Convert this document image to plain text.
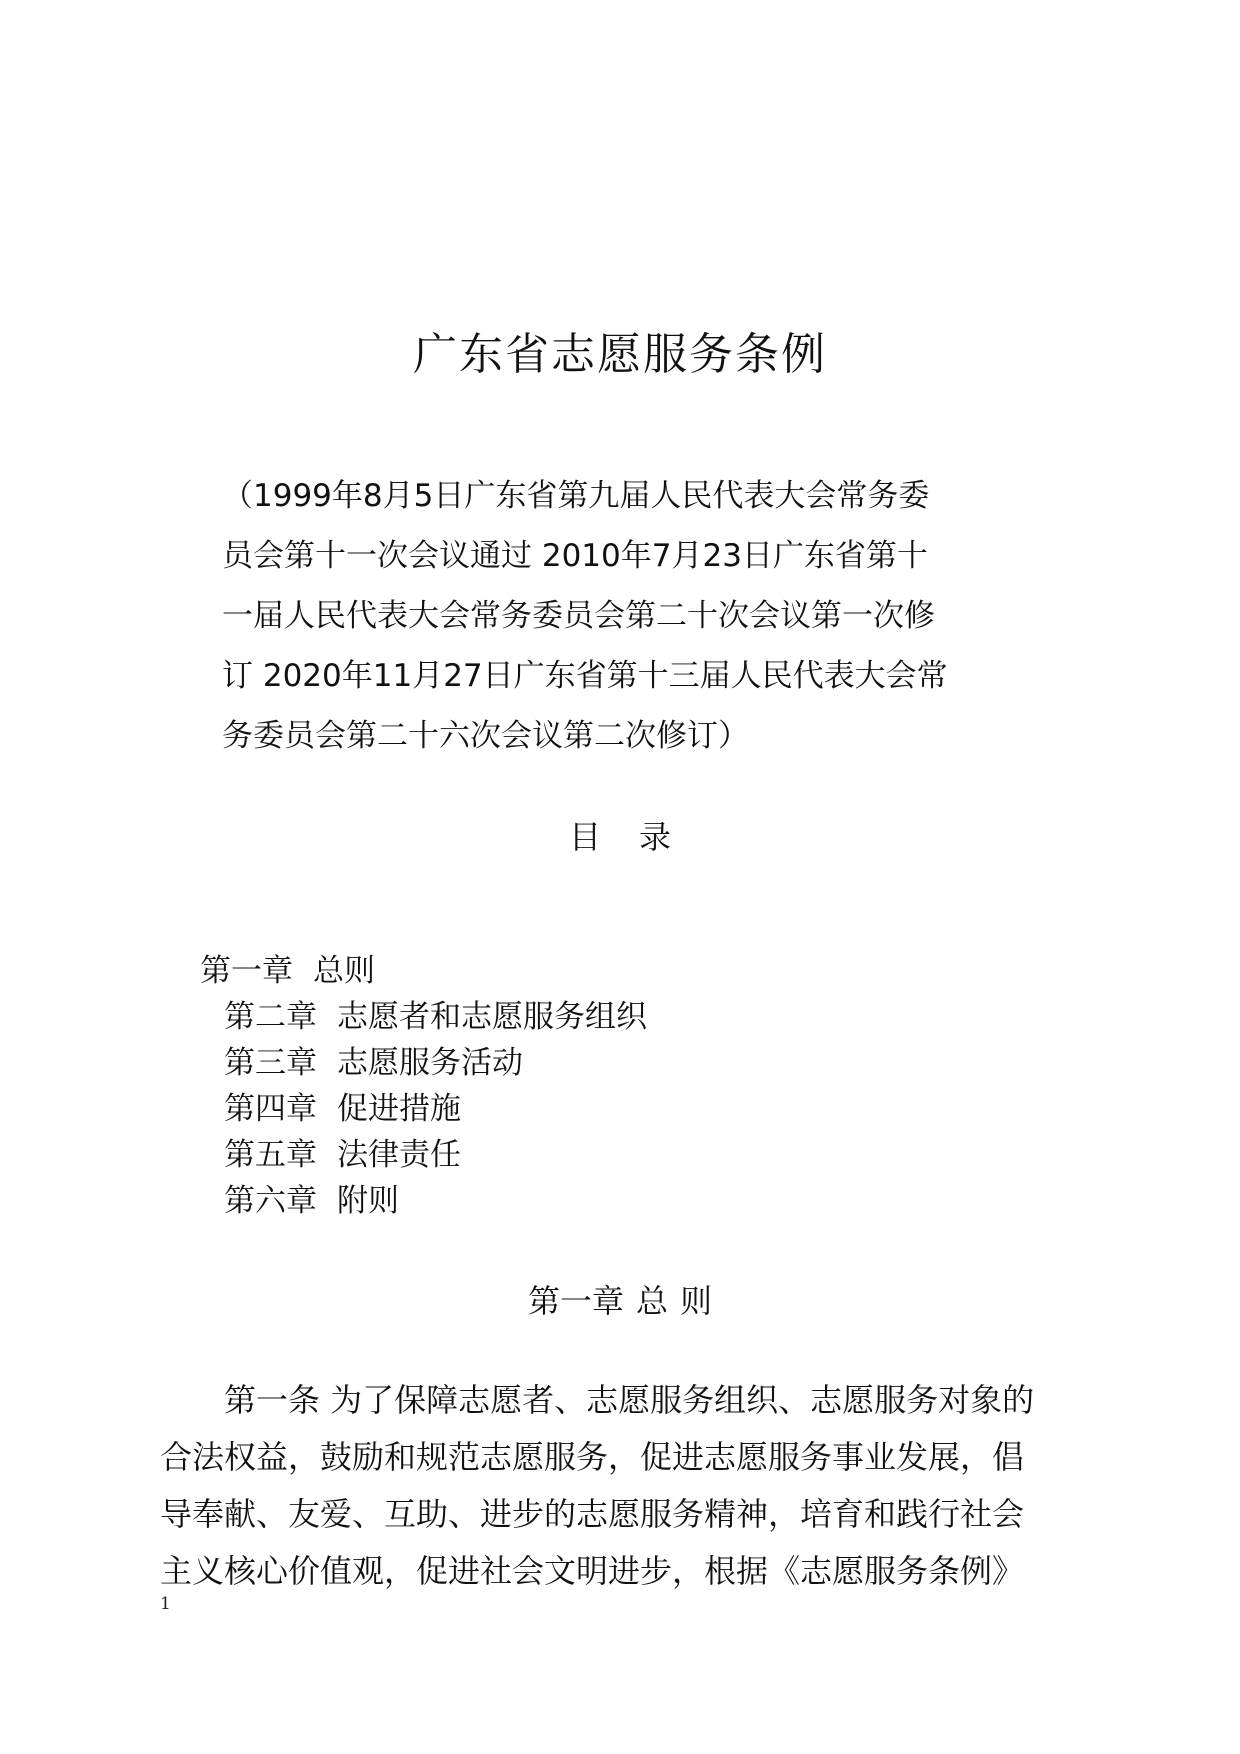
广东省志愿服务条例
（1999年8月5日广东省第九届人民代表大会常务委
员会第十一次会议通过 2010年7月23日广东省第十
一届人民代表大会常务委员会第二十次会议第一次修
订 2020年11月27日广东省第十三届人民代表大会常
务委员会第二十六次会议第二次修订）
目录
第一章 总则
第二章 志愿者和志愿服务组织
第三章 志愿服务活动
第四章 促进措施
第五章 法律责任
第六章 附则
第一章 总 则
　　第一条 为了保障志愿者、志愿服务组织、志愿服务对象的
合法权益，鼓励和规范志愿服务，促进志愿服务事业发展，倡
导奉献、友爱、互助、进步的志愿服务精神，培育和践行社会
主义核心价值观，促进社会文明进步，根据《志愿服务条例》
1
